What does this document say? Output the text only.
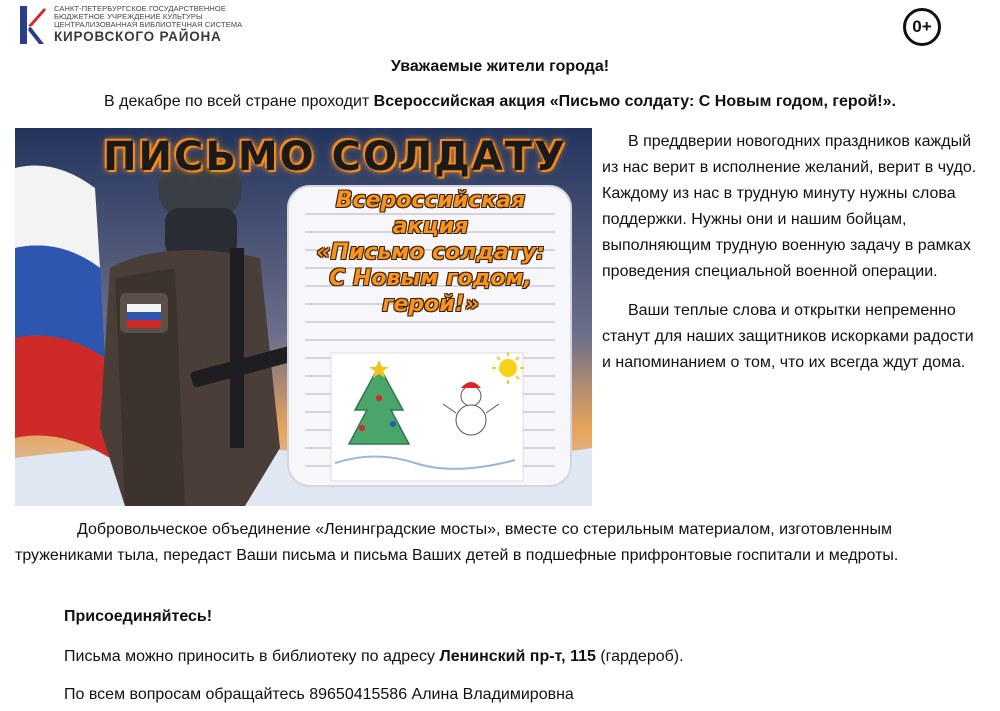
САНКТ-ПЕТЕРБУРГСКОЕ ГОСУДАРСТВЕННОЕ
БЮДЖЕТНОЕ УЧРЕЖДЕНИЕ КУЛЬТУРЫ
ЦЕНТРАЛИЗОВАННАЯ БИБЛИОТЕЧНАЯ СИСТЕМА
КИРОВСКОГО РАЙОНА
0+
Уважаемые жители города!
В декабре по всей стране проходит Всероссийская акция «Письмо солдату: С Новым годом, герой!».
ПИСЬМО СОЛДАТУ
Всероссийская
акция
«Письмо солдату:
С Новым годом,
герой!»

В преддверии новогодних праздников каждый из нас верит в исполнение желаний, верит в чудо. Каждому из нас в трудную минуту нужны слова поддержки. Нужны они и нашим бойцам, выполняющим трудную военную задачу в рамках проведения специальной военной операции.

Ваши теплые слова и открытки непременно станут для наших защитников искорками радости и напоминанием о том, что их всегда ждут дома.

Добровольческое объединение «Ленинградские мосты», вместе со стерильным материалом, изготовленным тружениками тыла, передаст Ваши письма и письма Ваших детей в подшефные прифронтовые госпитали и медроты.

Присоединяйтесь!
Письма можно приносить в библиотеку по адресу Ленинский пр-т, 115 (гардероб).
По всем вопросам обращайтесь 89650415586 Алина Владимировна
